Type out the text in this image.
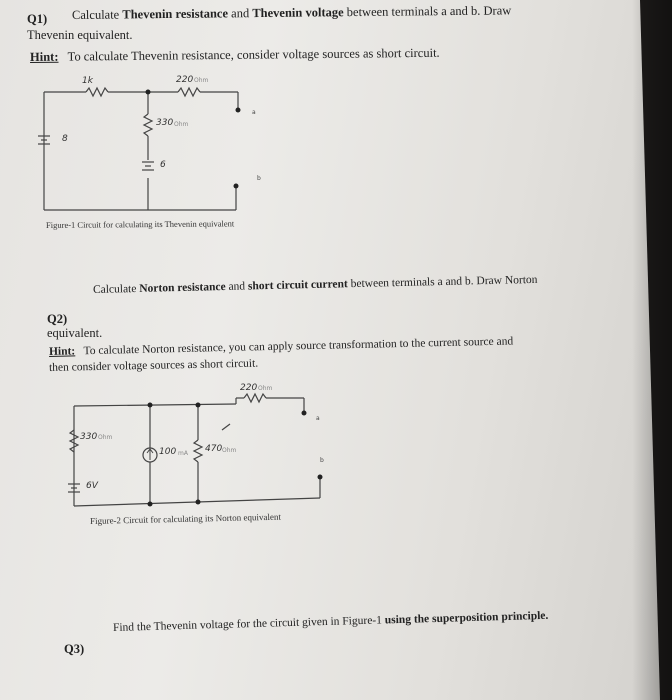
Q1) Calculate Thevenin resistance and Thevenin voltage between terminals a and b. Draw
Thevenin equivalent.
Hint: To calculate Thevenin resistance, consider voltage sources as short circuit.
1k	220 Ohm
330 Ohm
8
6
a
b
Figure-1 Circuit for calculating its Thevenin equivalent
Q2)
Calculate Norton resistance and short circuit current between terminals a and b. Draw Norton
equivalent.
Hint: To calculate Norton resistance, you can apply source transformation to the current source and
then consider voltage sources as short circuit.
220 Ohm
330 Ohm
100 mA 470 Ohm
6V
a
b
Figure-2 Circuit for calculating its Norton equivalent
Q3)
Find the Thevenin voltage for the circuit given in Figure-1 using the superposition principle.
